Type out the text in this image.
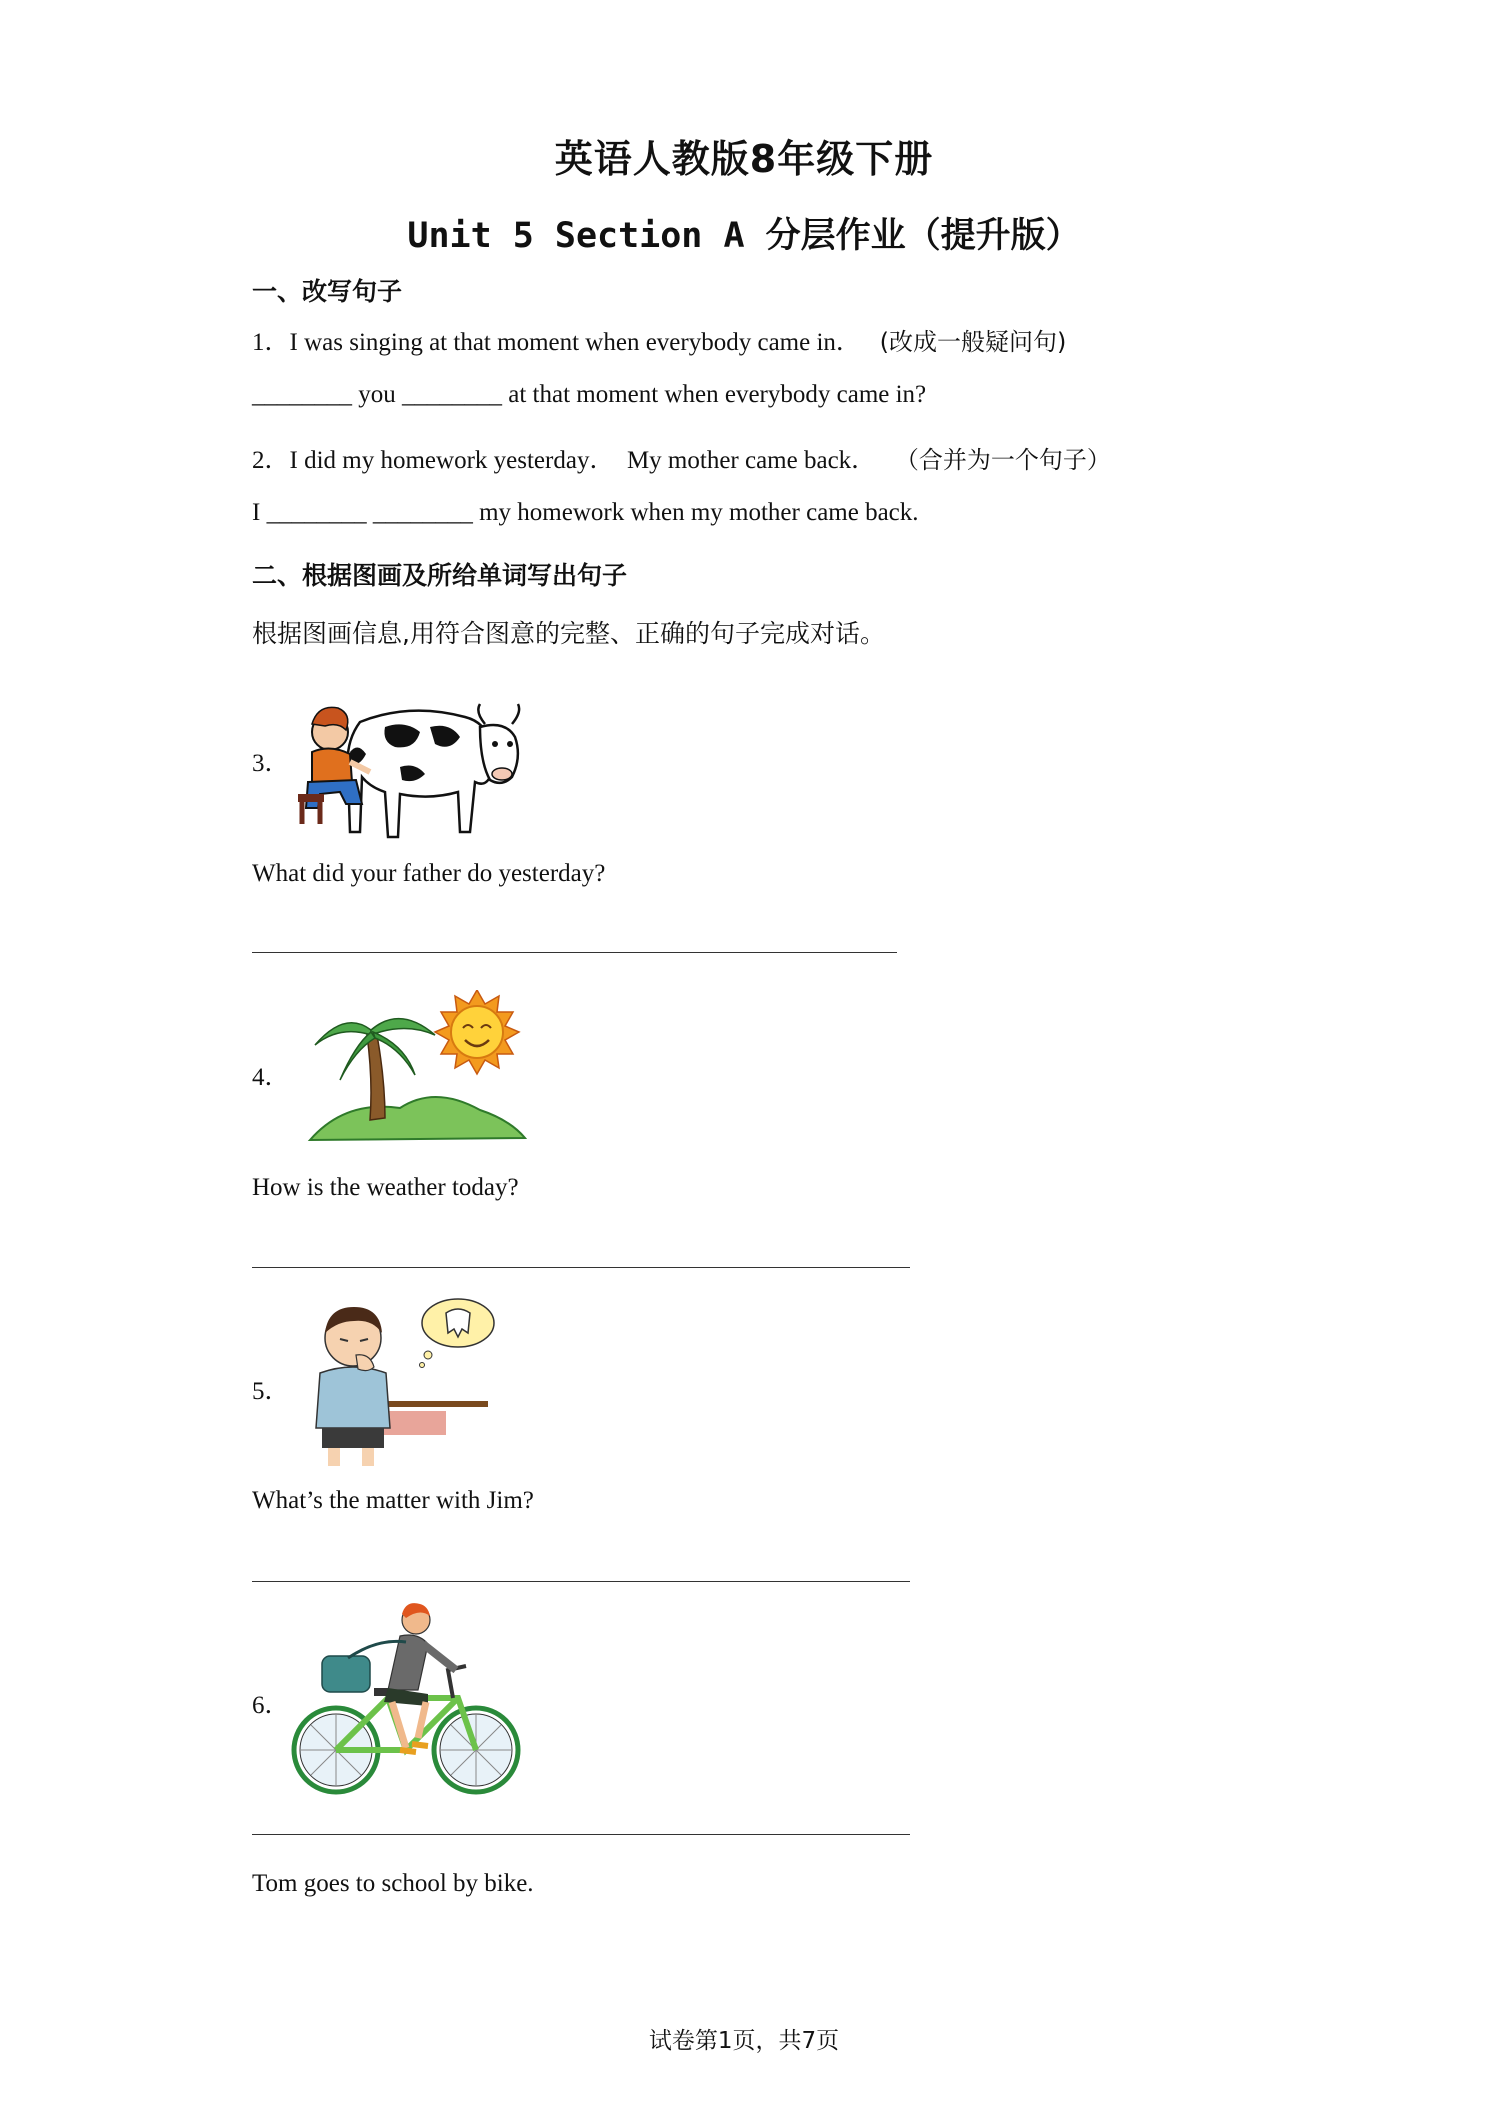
英语人教版8年级下册
Unit 5 Section A 分层作业（提升版）
一、改写句子
1．I was singing at that moment when everybody came in． (改成一般疑问句)
________ you ________ at that moment when everybody came in?
2．I did my homework yesterday．  My mother came back． （合并为一个句子）
I ________ ________ my homework when my mother came back.
二、根据图画及所给单词写出句子
根据图画信息,用符合图意的完整、正确的句子完成对话。
3．
What did your father do yesterday?
4．
How is the weather today?
5．
What’s the matter with Jim?
6．
Tom goes to school by bike.
试卷第1页，共7页
